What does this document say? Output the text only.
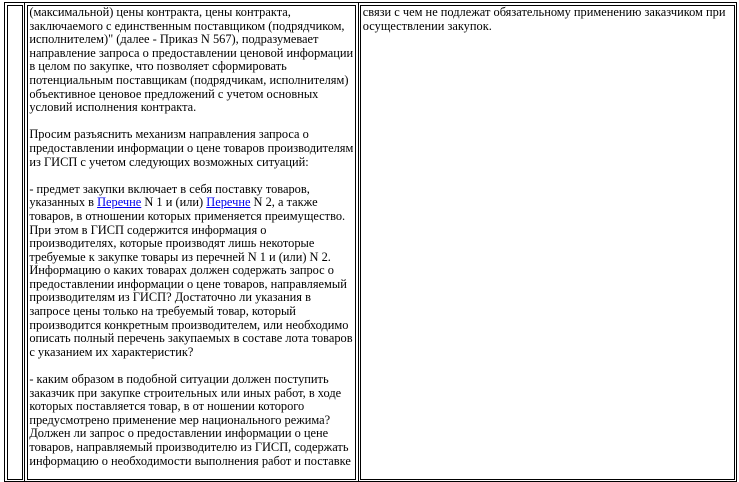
(максимальной) цены контракта, цены контракта, заключаемого с единственным поставщиком (подрядчиком, исполнителем)" (далее - Приказ N 567), подразумевает направление запроса о предоставлении ценовой информации в целом по закупке, что позволяет сформировать потенциальным поставщикам (подрядчикам, исполнителям) объективное ценовое предложений с учетом основных условий исполнения контракта.

Просим разъяснить механизм направления запроса о предоставлении информации о цене товаров производителям из ГИСП с учетом следующих возможных ситуаций:

- предмет закупки включает в себя поставку товаров, указанных в Перечне N 1 и (или) Перечне N 2, а также товаров, в отношении которых применяется преимущество. При этом в ГИСП содержится информация о производителях, которые производят лишь некоторые требуемые к закупке товары из перечней N 1 и (или) N 2. Информацию о каких товарах должен содержать запрос о предоставлении информации о цене товаров, направляемый производителям из ГИСП? Достаточно ли указания в запросе цены только на требуемый товар, который производится конкретным производителем, или необходимо описать полный перечень закупаемых в составе лота товаров с указанием их характеристик?

- каким образом в подобной ситуации должен поступить заказчик при закупке строительных или иных работ, в ходе которых поставляется товар, в от ношении которого предусмотрено применение мер национального режима? Должен ли запрос о предоставлении информации о цене товаров, направляемый производителю из ГИСП, содержать информацию о необходимости выполнения работ и поставке

связи с чем не подлежат обязательному применению заказчиком при осуществлении закупок.
